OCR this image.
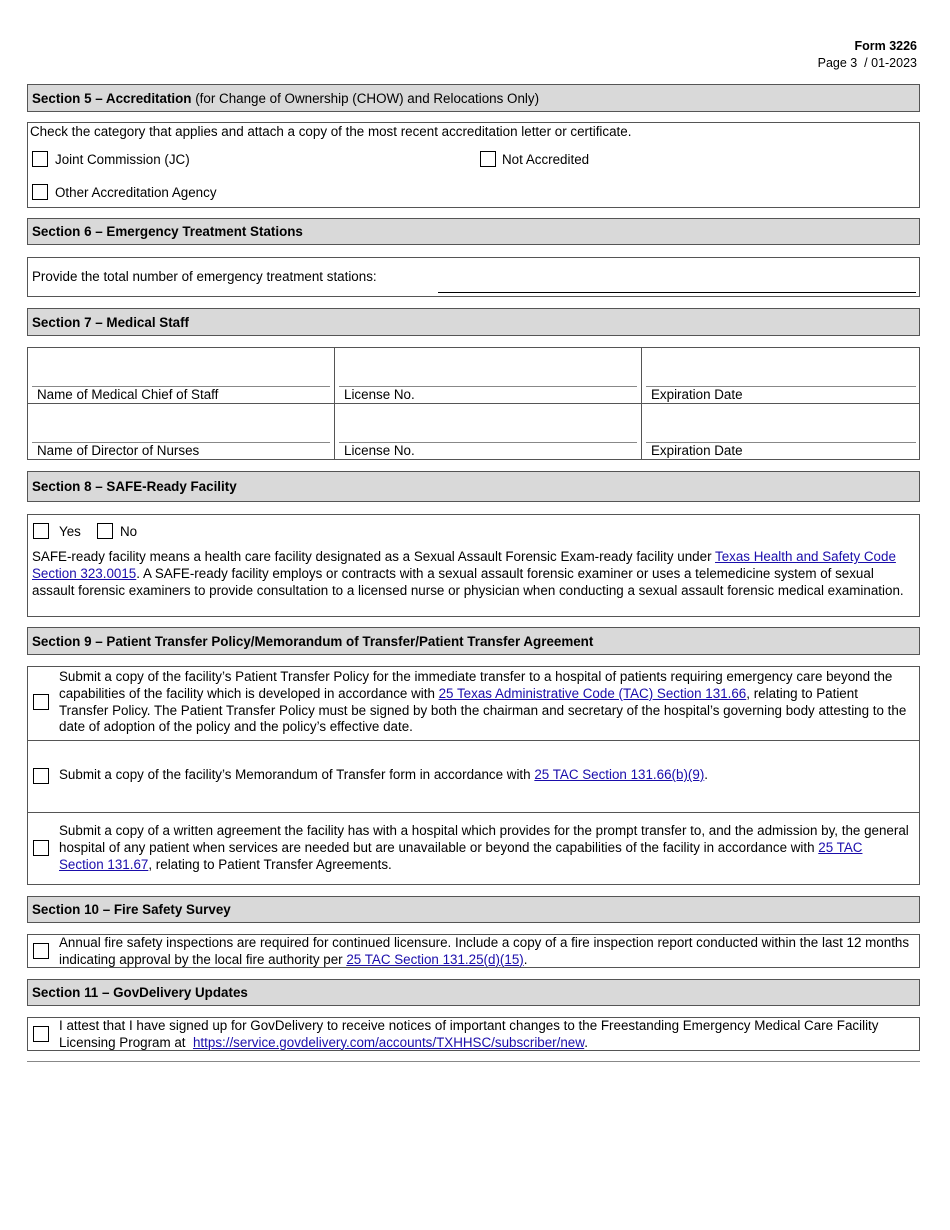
Form 3226
Page 3  / 01-2023
Section 5 – Accreditation (for Change of Ownership (CHOW) and Relocations Only)
Check the category that applies and attach a copy of the most recent accreditation letter or certificate.
Joint Commission (JC)	Not Accredited
Other Accreditation Agency
Section 6 – Emergency Treatment Stations
Provide the total number of emergency treatment stations:
Section 7 – Medical Staff
Name of Medical Chief of Staff	License No.	Expiration Date
Name of Director of Nurses	License No.	Expiration Date
Section 8 – SAFE-Ready Facility
Yes	No
SAFE-ready facility means a health care facility designated as a Sexual Assault Forensic Exam-ready facility under Texas Health and Safety Code Section 323.0015. A SAFE-ready facility employs or contracts with a sexual assault forensic examiner or uses a telemedicine system of sexual assault forensic examiners to provide consultation to a licensed nurse or physician when conducting a sexual assault forensic medical examination.
Section 9 – Patient Transfer Policy/Memorandum of Transfer/Patient Transfer Agreement
Submit a copy of the facility’s Patient Transfer Policy for the immediate transfer to a hospital of patients requiring emergency care beyond the capabilities of the facility which is developed in accordance with 25 Texas Administrative Code (TAC) Section 131.66, relating to Patient Transfer Policy. The Patient Transfer Policy must be signed by both the chairman and secretary of the hospital’s governing body attesting to the date of adoption of the policy and the policy’s effective date.
Submit a copy of the facility’s Memorandum of Transfer form in accordance with 25 TAC Section 131.66(b)(9).
Submit a copy of a written agreement the facility has with a hospital which provides for the prompt transfer to, and the admission by, the general hospital of any patient when services are needed but are unavailable or beyond the capabilities of the facility in accordance with 25 TAC Section 131.67, relating to Patient Transfer Agreements.
Section 10 – Fire Safety Survey
Annual fire safety inspections are required for continued licensure. Include a copy of a fire inspection report conducted within the last 12 months indicating approval by the local fire authority per 25 TAC Section 131.25(d)(15).
Section 11 – GovDelivery Updates
I attest that I have signed up for GovDelivery to receive notices of important changes to the Freestanding Emergency Medical Care Facility Licensing Program at  https://service.govdelivery.com/accounts/TXHHSC/subscriber/new.
